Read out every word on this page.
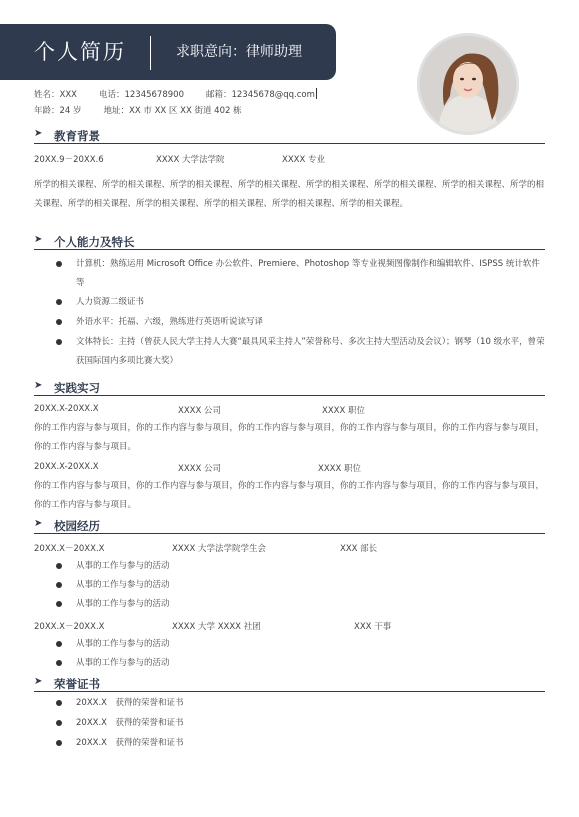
个人简历	求职意向：律师助理
姓名：XXX	电话：12345678900	邮箱：12345678@qq.com
年龄：24 岁	地址：XX 市 XX 区 XX 街道 402 栋
➤ 教育背景
20XX.9－20XX.6	XXXX 大学法学院	XXXX 专业
所学的相关课程、所学的相关课程、所学的相关课程、所学的相关课程、所学的相关课程、所学的相关课程、所学的相关课程、所学的相关课程、所学的相关课程、所学的相关课程、所学的相关课程、所学的相关课程、所学的相关课程。
➤ 个人能力及特长
计算机：熟练运用 Microsoft Office 办公软件、Premiere、Photoshop 等专业视频图像制作和编辑软件、ISPSS 统计软件等
人力资源二级证书
外语水平：托福、六级，熟练进行英语听说读写译
文体特长：主持（曾获人民大学主持人大赛“最具风采主持人”荣誉称号、多次主持大型活动及会议）；钢琴（10 级水平，曾荣获国际国内多项比赛大奖）
➤ 实践实习
20XX.X-20XX.X	XXXX 公司	XXXX 职位
你的工作内容与参与项目，你的工作内容与参与项目，你的工作内容与参与项目，你的工作内容与参与项目，你的工作内容与参与项目，你的工作内容与参与项目。
20XX.X-20XX.X	XXXX 公司	XXXX 职位
你的工作内容与参与项目，你的工作内容与参与项目，你的工作内容与参与项目，你的工作内容与参与项目，你的工作内容与参与项目，你的工作内容与参与项目。
➤ 校园经历
20XX.X－20XX.X	XXXX 大学法学院学生会	XXX 部长
从事的工作与参与的活动
从事的工作与参与的活动
从事的工作与参与的活动
20XX.X－20XX.X	XXXX 大学 XXXX 社团	XXX 干事
从事的工作与参与的活动
从事的工作与参与的活动
➤ 荣誉证书
20XX.X　获得的荣誉和证书
20XX.X　获得的荣誉和证书
20XX.X　获得的荣誉和证书
